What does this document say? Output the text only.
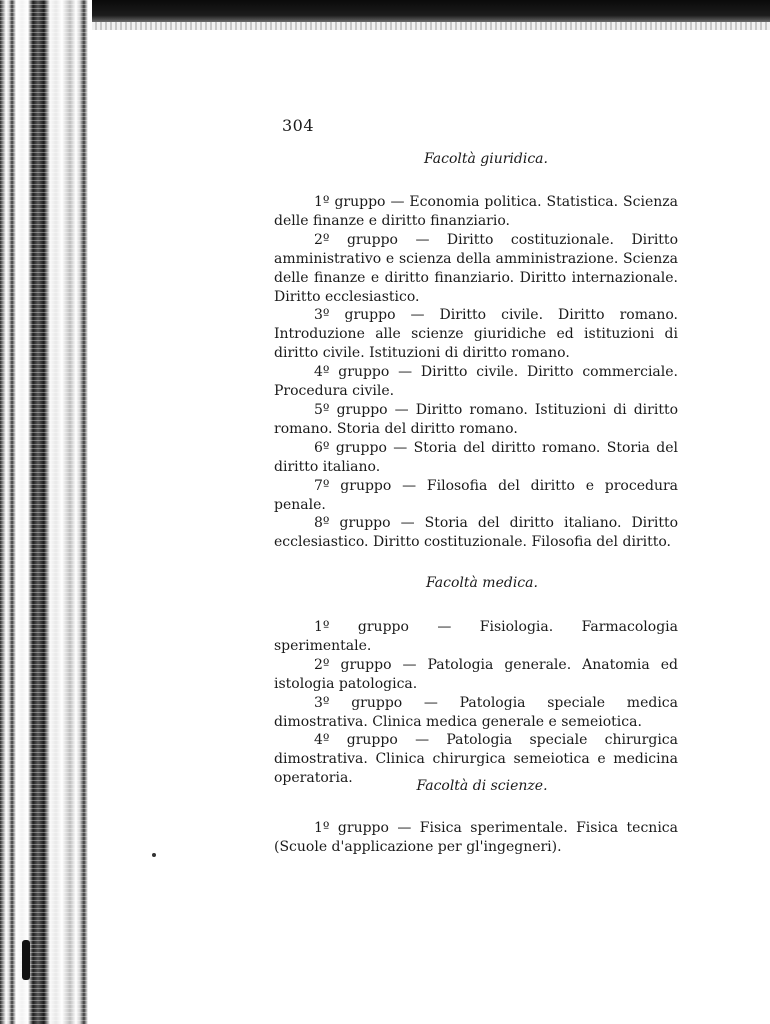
304
Facoltà giuridica.

1º gruppo — Economia politica. Statistica. Scienza delle finanze e diritto finanziario.

2º gruppo — Diritto costituzionale. Diritto amministrativo e scienza della amministrazione. Scienza delle finanze e diritto finanziario. Diritto internazionale. Diritto ecclesiastico.

3º gruppo — Diritto civile. Diritto romano. Introduzione alle scienze giuridiche ed istituzioni di diritto civile. Istituzioni di diritto romano.

4º gruppo — Diritto civile. Diritto commerciale. Procedura civile.

5º gruppo — Diritto romano. Istituzioni di diritto romano. Storia del diritto romano.

6º gruppo — Storia del diritto romano. Storia del diritto italiano.

7º gruppo — Filosofia del diritto e procedura penale.

8º gruppo — Storia del diritto italiano. Diritto ecclesiastico. Diritto costituzionale. Filosofia del diritto.

Facoltà medica.

1º gruppo — Fisiologia. Farmacologia sperimentale.

2º gruppo — Patologia generale. Anatomia ed istologia patologica.

3º gruppo — Patologia speciale medica dimostrativa. Clinica medica generale e semeiotica.

4º gruppo — Patologia speciale chirurgica dimostrativa. Clinica chirurgica semeiotica e medicina operatoria.	Facoltà di scienze.

1º gruppo — Fisica sperimentale. Fisica tecnica (Scuole d'applicazione per gl'ingegneri).
